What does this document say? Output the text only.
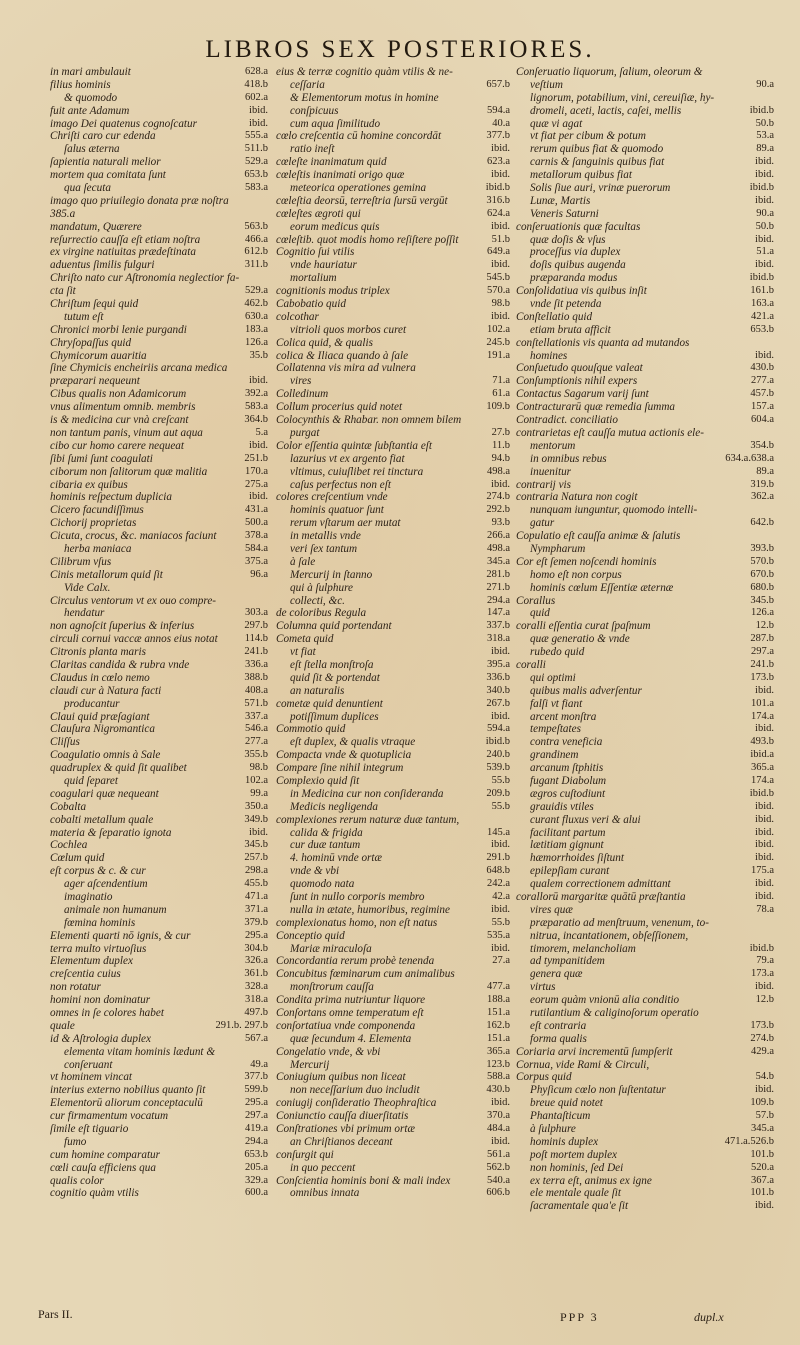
LIBROS SEX POSTERIORES.
in mari ambulauit	628.a
filius hominis	418.b
& quomodo	602.a
fuit ante Adamum	ibid.
imago Dei quatenus cognoſcatur	ibid.
Chriſti caro cur edenda	555.a
ſalus æterna	511.b
ſapientia naturali melior	529.a
mortem qua comitata ſunt	653.b
qua ſecuta	583.a
imago quo priuilegio donata præ noſtra
385.a
mandatum, Quærere	563.b
reſurrectio cauſſa eſt etiam noſtra	466.a
ex virgine natiuitas prædeſtinata	612.b
aduentus ſimilis fulguri	311.b
Chriſto nato cur Aſtronomia neglectior fa-
cta ſit	529.a
Chriſtum ſequi quid	462.b
tutum eſt	630.a
Chronici morbi lenie purgandi	183.a
Chryſopaſſus quid	126.a
Chymicorum auaritia	35.b
ſine Chymicis encheiriis arcana medica
præparari nequeunt	ibid.
Cibus qualis non Adamicorum	392.a
vnus alimentum omnib. membris	583.a
is & medicina cur vnà creſcant	364.b
non tantum panis, vinum aut aqua	5.a
cibo cur homo carere nequeat	ibid.
ſibi ſumi ſunt coagulati	251.b
ciborum non ſalitorum quæ malitia	170.a
cibaria ex quibus	275.a
hominis reſpectum duplicia	ibid.
Cicero facundiſſimus	431.a
Cichorij proprietas	500.a
Cicuta, crocus, &c. maniacos faciunt	378.a
herba maniaca	584.a
Cilibrum vſus	375.a
Cinis metallorum quid ſit	96.a
Vide Calx.
Circulus ventorum vt ex ouo compre-
hendatur	303.a
non agnoſcit ſuperius & inferius	297.b
circuli cornui vaccæ annos eius notat	114.b
Citronis planta maris	241.b
Claritas candida & rubra vnde	336.a
Claudus in cœlo nemo	388.b
claudi cur à Natura facti	408.a
producantur	571.b
Claui quid præſagiant	337.a
Clauſura Nigromantica	546.a
Cliſſus	277.a
Coagulatio omnis à Sale	355.b
quadruplex & quid ſit qualibet	98.b
quid ſeparet	102.a
coagulari quæ nequeant	99.a
Cobalta	350.a
cobalti metallum quale	349.b
materia & ſeparatio ignota	ibid.
Cochlea	345.b
Cœlum quid	257.b
eſt corpus & c. & cur	298.a
ager aſcendentium	455.b
imaginatio	471.a
animale non humanum	371.a
fœmina hominis	379.b
Elementi quarti nō ignis, & cur	295.a
terra multo virtuoſius	304.b
Elementum duplex	326.a
creſcentia cuius	361.b
non rotatur	328.a
homini non dominatur	318.a
omnes in ſe colores habet	497.b
quale	291.b. 297.b
id & Aſtrologia duplex	567.a
elementa vitam hominis lædunt &
conſeruant	49.a
vt hominem vincat	377.b
interius externo nobilius quanto ſit	599.b
Elementorū aliorum conceptaculū	295.a
cur firmamentum vocatum	297.a
ſimile eſt tiguario	419.a
fumo	294.a
cum homine comparatur	653.b
cœli cauſa efficiens qua	205.a
qualis color	329.a
cognitio quàm vtilis	600.a
eius & terræ cognitio quàm vtilis & ne-
ceſſaria	657.b
& Elementorum motus in homine
conſpicuus	594.a
cum aqua ſimilitudo	40.a
cœlo creſcentia cū homine concordāt	377.b
ratio ineſt	ibid.
cœleſte inanimatum quid	623.a
cœleſtis inanimati origo quæ	ibid.
meteorica operationes gemina	ibid.b
cœleſtia deorsū, terreſtria ſursū vergūt	316.b
cœleſtes ægroti qui	624.a
eorum medicus quis	ibid.
cœleſtib. quot modis homo reſiſtere poſſit	51.b
Cognitio ſui vtilis	649.a
vnde hauriatur	ibid.
mortalium	545.b
cognitionis modus triplex	570.a
Cabobatio quid	98.b
colcothar	ibid.
vitrioli quos morbos curet	102.a
Colica quid, & qualis	245.b
colica & Iliaca quando à ſale	191.a
Collatenna vis mira ad vulnera
vires	71.a
Colledinum	61.a
Collum procerius quid notet	109.b
Colocynthis & Rhabar. non omnem bilem
purgat	27.b
Color eſſentia quintæ ſubſtantia eſt	11.b
lazurius vt ex argento fiat	94.b
vltimus, cuiuſlibet rei tinctura	498.a
caſus perfectus non eſt	ibid.
colores creſcentium vnde	274.b
hominis quatuor ſunt	292.b
rerum vſtarum aer mutat	93.b
in metallis vnde	266.a
veri ſex tantum	498.a
à ſale	345.a
Mercurij in ſtanno	281.b
qui à ſulphure	271.b
collecti, &c.	294.a
de coloribus Regula	147.a
Columna quid portendant	337.b
Cometa quid	318.a
vt fiat	ibid.
eſt ſtella monſtroſa	395.a
quid ſit & portendat	336.b
an naturalis	340.b
cometæ quid denuntient	267.b
potiſſimum duplices	ibid.
Commotio quid	594.a
eſt duplex, & qualis vtraque	ibid.b
Compacta vnde & quotuplicia	240.b
Compare ſine nihil integrum	539.b
Complexio quid ſit	55.b
in Medicina cur non conſideranda	209.b
Medicis negligenda	55.b
complexiones rerum naturæ duæ tantum,
calida & frigida	145.a
cur duæ tantum	ibid.
4. hominū vnde ortæ	291.b
vnde & vbi	648.b
quomodo nata	242.a
ſunt in nullo corporis membro	42.a
nulla in ætate, humoribus, regimine	ibid.
complexionatus homo, non eſt natus	55.b
Conceptio quid	535.a
Mariæ miraculoſa	ibid.
Concordantia rerum probè tenenda	27.a
Concubitus fœminarum cum animalibus
monſtrorum cauſſa	477.a
Condita prima nutriuntur liquore	188.a
Conſortans omne temperatum eſt	151.a
conſortatiua vnde componenda	162.b
quæ ſecundum 4. Elementa	151.a
Congelatio vnde, & vbi	365.a
Mercurij	123.b
Coniugium quibus non liceat	588.a
non neceſſarium duo includit	430.b
coniugij conſideratio Theophraſtica	ibid.
Coniunctio cauſſa diuerſitatis	370.a
Conſtrationes vbi primum ortæ	484.a
an Chriſtianos deceant	ibid.
conſurgit qui	561.a
in quo peccent	562.b
Conſcientia hominis boni & mali index	540.a
omnibus innata	606.b
Conſeruatio liquorum, ſalium, oleorum &
veſtium	90.a
lignorum, potabilium, vini, cereuiſiæ, hy-
dromeli, aceti, lactis, caſei, mellis	ibid.b
quæ vi agat	50.b
vt fiat per cibum & potum	53.a
rerum quibus fiat & quomodo	89.a
carnis & ſanguinis quibus fiat	ibid.
metallorum quibus fiat	ibid.
Solis ſiue auri, vrinæ puerorum	ibid.b
Lunæ, Martis	ibid.
Veneris Saturni	90.a
conſeruationis quæ facultas	50.b
quæ doſis & vſus	ibid.
proceſſus via duplex	51.a
doſis quibus augenda	ibid.
præparanda modus	ibid.b
Conſolidatiua vis quibus inſit	161.b
vnde ſit petenda	163.a
Conſtellatio quid	421.a
etiam bruta afficit	653.b
conſtellationis vis quanta ad mutandos
homines	ibid.
Conſuetudo quouſque valeat	430.b
Conſumptionis nihil expers	277.a
Contactus Sagarum varij ſunt	457.b
Contracturarū quæ remedia ſumma	157.a
Contradict. conciliatio	604.a
contrarietas eſt cauſſa mutua actionis ele-
mentorum	354.b
in omnibus rebus	634.a.638.a
inuenitur	89.a
contrarij vis	319.b
contraria Natura non cogit	362.a
nunquam iunguntur, quomodo intelli-
gatur	642.b
Copulatio eſt cauſſa animæ & ſalutis
Nympharum	393.b
Cor eſt ſemen noſcendi hominis	570.b
homo eſt non corpus	670.b
hominis cœlum Eſſentiæ æternæ	680.b
Corallus	345.b
quid	126.a
coralli eſſentia curat ſpaſmum	12.b
quæ generatio & vnde	287.b
rubedo quid	297.a
coralli	241.b
qui optimi	173.b
quibus malis adverſentur	ibid.
falſi vt fiant	101.a
arcent monſtra	174.a
tempeſtates	ibid.
contra veneficia	493.b
grandinem	ibid.a
arcanum ſtphitis	365.a
fugant Diabolum	174.a
ægros cuſtodiunt	ibid.b
grauidis vtiles	ibid.
curant fluxus veri & alui	ibid.
facilitant partum	ibid.
lætitiam gignunt	ibid.
hæmorrhoides ſiſtunt	ibid.
epilepſiam curant	175.a
qualem correctionem admittant	ibid.
corallorū margaritæ quātū præſtantia	ibid.
vires quæ	78.a
præparatio ad menſtruum, venenum, to-
nitrua, incantationem, obſeſſionem,
timorem, melancholiam	ibid.b
ad tympanitidem	79.a
genera quæ	173.a
virtus	ibid.
eorum quàm vnionū alia conditio	12.b
rutilantium & caliginoſorum operatio
eſt contraria	173.b
forma qualis	274.b
Coriaria arvi incrementū ſumpſerit	429.a
Cornua, vide Rami & Circuli,
Corpus quid	54.b
Phyſicum cœlo non ſuſtentatur	ibid.
breue quid notet	109.b
Phantaſticum	57.b
à ſulphure	345.a
hominis duplex	471.a.526.b
poſt mortem duplex	101.b
non hominis, ſed Dei	520.a
ex terra eſt, animus ex igne	367.a
ele mentale quale ſit	101.b
ſacramentale qua'e ſit	ibid.
Pars II.	PPP 3	dupl.x
